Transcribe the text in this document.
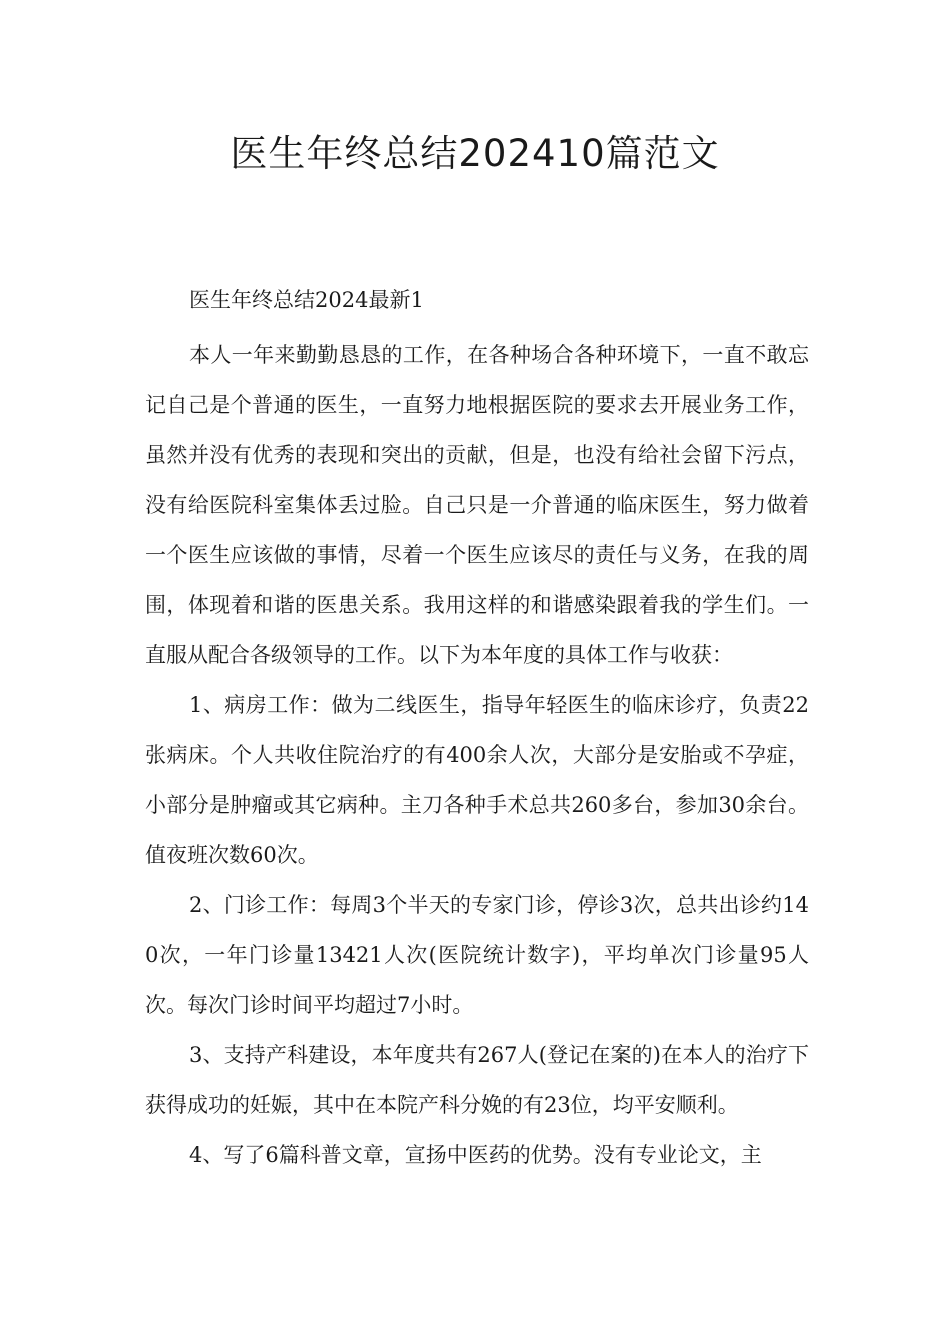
医生年终总结202410篇范文

医生年终总结2024最新1

本人一年来勤勤恳恳的工作，在各种场合各种环境下，一直不敢忘记自己是个普通的医生，一直努力地根据医院的要求去开展业务工作，虽然并没有优秀的表现和突出的贡献，但是，也没有给社会留下污点，没有给医院科室集体丢过脸。自己只是一介普通的临床医生，努力做着一个医生应该做的事情，尽着一个医生应该尽的责任与义务，在我的周围，体现着和谐的医患关系。我用这样的和谐感染跟着我的学生们。一直服从配合各级领导的工作。以下为本年度的具体工作与收获：

1、病房工作：做为二线医生，指导年轻医生的临床诊疗，负责22张病床。个人共收住院治疗的有400余人次，大部分是安胎或不孕症，小部分是肿瘤或其它病种。主刀各种手术总共260多台，参加30余台。值夜班次数60次。

2、门诊工作：每周3个半天的专家门诊，停诊3次，总共出诊约140次，一年门诊量13421人次(医院统计数字)，平均单次门诊量95人次。每次门诊时间平均超过7小时。

3、支持产科建设，本年度共有267人(登记在案的)在本人的治疗下获得成功的妊娠，其中在本院产科分娩的有23位，均平安顺利。

4、写了6篇科普文章，宣扬中医药的优势。没有专业论文，主
